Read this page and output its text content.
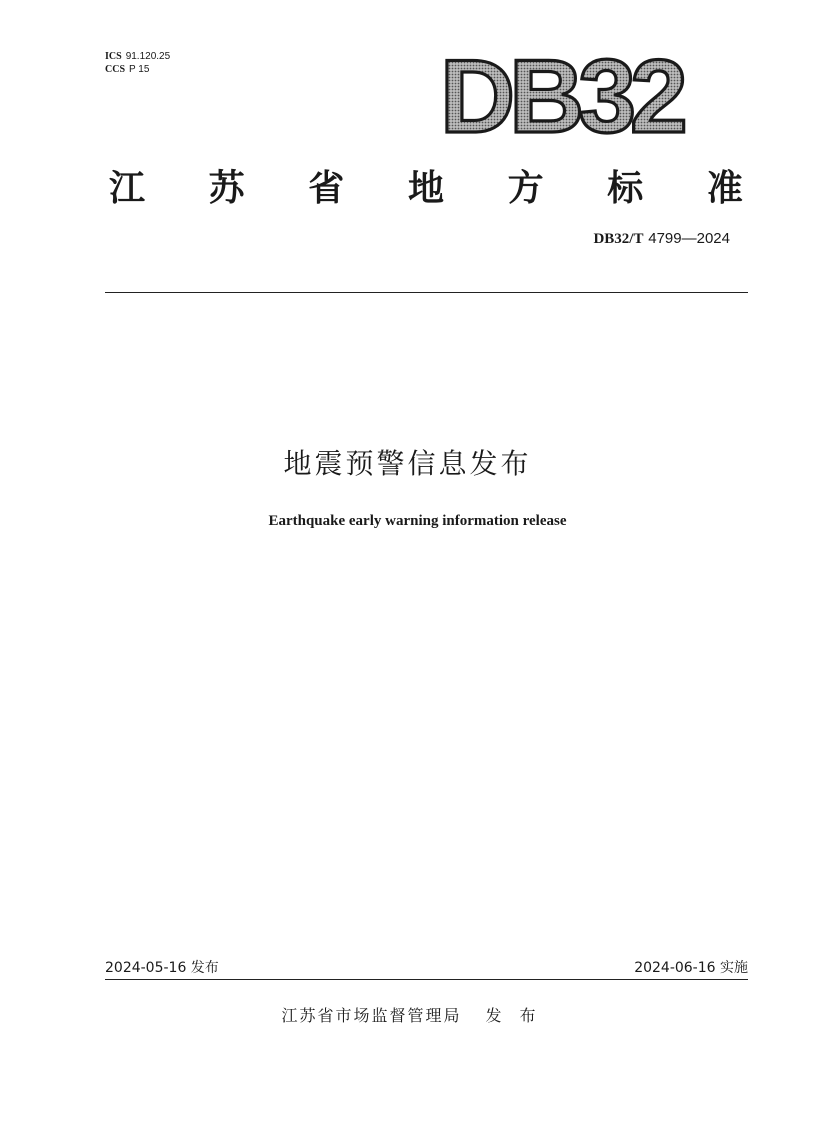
ICS 91.120.25
CCS P 15	DB32
江 苏 省 地 方 标 准
DB32/T 4799—2024
地震预警信息发布
Earthquake early warning information release
2024-05-16 发布	2024-06-16 实施
江苏省市场监督管理局 发布
